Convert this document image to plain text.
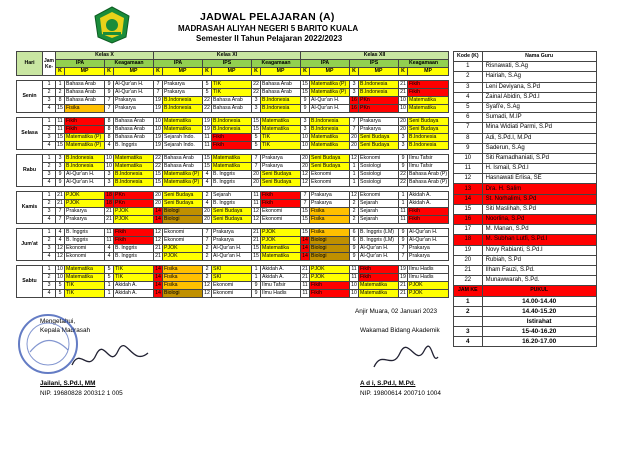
JADWAL PELAJARAN (A)
MADRASAH ALIYAH NEGERI 5 BARITO KUALA
Semester II Tahun Pelajaran 2022/2023
Hari	Jam Ke-	Kelas X				Kelas XI						Kelas XII					
		IPA		Keagamaan		IPA		IPS		Keagamaan		IPA		IPS		Keagamaan	
		K	MP	K	MP	K	MP	K	MP	K	MP	K	MP	K	MP	K	MP

Senin	1	1	Bahasa Arab	9	Al-Qur'an H.	7	Prakarya	5	TIK	22	Bahasa Arab	15	Matematika (P)	3	B.Indonesia	21	Fikih
	2	2	Bahasa Arab	9	Al-Qur'an H.	7	Prakarya	5	TIK	22	Bahasa Arab	15	Matematika (P)	3	B.Indonesia	21	Fikih
	3	8	Bahasa Arab	7	Prakarya	19	B.Indonesia	22	Bahasa Arab	3	B.Indonesia	9	Al-Qur'an H.	16	PKn	10	Matematika
	4	15	Fisika	7	Prakarya	19	B.Indonesia	22	Bahasa Arab	3	B.Indonesia	9	Al-Qur'an H.	16	PKn	10	Matematika

Selasa	1	11	Fikih	8	Bahasa Arab	10	Matematika	19	B.Indonesia	15	Matematika	3	B.Indonesia	7	Prakarya	20	Seni Budaya
	2	11	Fikih	8	Bahasa Arab	10	Matematika	19	B.Indonesia	15	Matematika	3	B.Indonesia	7	Prakarya	20	Seni Budaya
	3	15	Matematika (P)	8	Bahasa Arab	19	Sejarah Indo.	11	Fikih	5	TIK	10	Matematika	20	Seni Budaya	3	B.Indonesia
	4	15	Matematika (P)	4	B. Inggris	19	Sejarah Indo.	11	Fikih	5	TIK	10	Matematika	20	Seni Budaya	3	B.Indonesia

Rabu	1	3	B.Indonesia	10	Matematika	22	Bahasa Arab	15	Matematika	7	Prakarya	20	Seni Budaya	12	Ekonomi	9	Ilmu Tafsir
	2	3	B.Indonesia	10	Matematika	22	Bahasa Arab	15	Matematika	7	Prakarya	20	Seni Budaya	1	Sosiologi	9	Ilmu Tafsir
	3	9	Al-Qur'an H.	3	B.Indonesia	15	Matematika (P)	4	B. Inggris	20	Seni Budaya	12	Ekonomi	1	Sosiologi	22	Bahasa Arab (P)
	4	9	Al-Qur'an H.	3	B.Indonesia	15	Matematika (P)	4	B. Inggris	20	Seni Budaya	12	Ekonomi	1	Sosiologi	22	Bahasa Arab (P)

Kamis	1	21	PJOK	18	PKn	20	Seni Budaya	2	Sejarah	11	Fikih	7	Prakarya	12	Ekonomi	1	Akidah A.
	2	21	PJOK	18	PKn	20	Seni Budaya	4	B. Inggris	11	Fikih	7	Prakarya	2	Sejarah	1	Akidah A.
	3	7	Prakarya	21	PJOK	14	Biologi	20	Seni Budaya	12	Ekonomi	15	Fisika	2	Sejarah	11	Fikih
	4	7	Prakarya	21	PJOK	14	Biologi	20	Seni Budaya	12	Ekonomi	15	Fisika	2	Sejarah	11	Fikih

Jum'at	1	4	B. Inggris	11	Fikih	12	Ekonomi	7	Prakarya	21	PJOK	15	Fisika	6	B. Inggris (LM)	9	Al-Qur'an H.
	2	4	B. Inggris	11	Fikih	12	Ekonomi	7	Prakarya	21	PJOK	14	Biologi	6	B. Inggris (LM)	9	Al-Qur'an H.
	3	12	Ekonomi	4	B. Inggris	21	PJOK	2	Al-Qur'an H.	15	Matematika	14	Biologi	9	Al-Qur'an H.	7	Prakarya
	4	12	Ekonomi	4	B. Inggris	21	PJOK	2	Al-Qur'an H.	15	Matematika	14	Biologi	9	Al-Qur'an H.	7	Prakarya

Sabtu	1	10	Matematika	5	TIK	14	Fisika	2	SKI	1	Akidah A.	21	PJOK	11	Fikih	19	Ilmu Hadis
	2	10	Matematika	5	TIK	14	Fisika	2	SKI	1	Akidah A.	21	PJOK	11	Fikih	19	Ilmu Hadis
	3	5	TIK	1	Akidah A.	14	Fisika	12	Ekonomi	9	Ilmu Tafsir	11	Fikih	10	Matematika	21	PJOK
	4	5	TIK	1	Akidah A.	14	Biologi	12	Ekonomi	9	Ilmu Hadis	11	Fikih	10	Matematika	21	PJOK
Kode (K)	Nama Guru
1	Risnawati, S.Ag
2	Hairiah, S.Ag
3	Leni Deviyana, S.Pd
4	Zainal Abidin, S.Pd.I
5	Syafi'e, S.Ag
6	Sumadi, M.IP
7	Mina Widiati Parmi, S.Pd
8	Adi, S.Pd.I, M.Pd
9	Saderun, S.Ag
10	Siti Ramadhaniati, S.Pd
11	H. Ismail, S.Pd.I
12	Hasnawati Erlisa, SE
13	Dra. H. Salim
14	St. Norhalimi, S.Pd
15	Siti Maslihah, S.Pd
16	Noorlina, S.Pd
17	M. Manan, S.Pd
18	M. Subhan Lutfi, S.Pd.I
19	Novy Rabianti, S.Pd.I
20	Rubiah, S.Pd
21	Ilham Fauzi, S.Pd.
22	Munawwarah, S.Pd.
JAM KE	PUKUL
1	14.00-14.40
2	14.40-15.20
	Istirahat
3	15-40-16.20
4	16.20-17.00
Anjir Muara, 02 Januari 2023
Mengetahui,
Kepala Madrasah	Wakamad Bidang Akademik
Jailani, S.Pd.I, MM
NIP. 19680828 200312 1 005
A d i, S.Pd.I, M.Pd.
NIP. 19800614 200710 1004
